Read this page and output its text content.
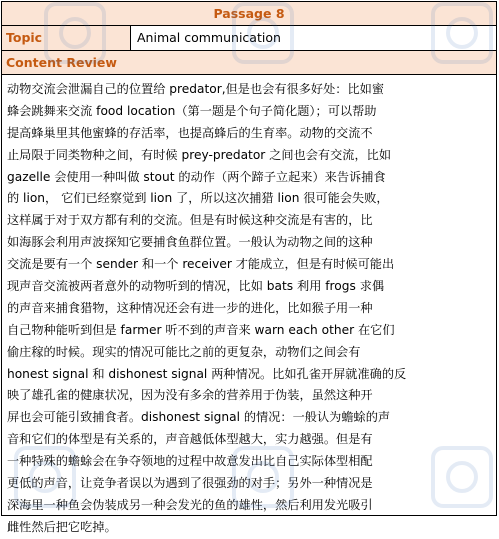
Passage 8
Topic	Animal communication
Content Review
动物交流会泄漏自己的位置给 predator,但是也会有很多好处：比如蜜
蜂会跳舞来交流 food location（第一题是个句子简化题）；可以帮助
提高蜂巢里其他蜜蜂的存活率，也提高蜂后的生育率。动物的交流不
止局限于同类物种之间，有时候 prey-predator 之间也会有交流，比如
gazelle 会使用一种叫做 stout 的动作（两个蹄子立起来）来告诉捕食
的 lion， 它们已经察觉到 lion 了，所以这次捕猎 lion 很可能会失败，
这样属于对于双方都有利的交流。但是有时候这种交流是有害的，比
如海豚会利用声波探知它要捕食鱼群位置。一般认为动物之间的这种
交流是要有一个 sender 和一个 receiver 才能成立，但是有时候可能出
现声音交流被两者意外的动物听到的情况，比如 bats 利用 frogs 求偶
的声音来捕食猎物，这种情况还会有进一步的进化，比如猴子用一种
自己物种能听到但是 farmer 听不到的声音来 warn each other 在它们
偷庄稼的时候。现实的情况可能比之前的更复杂，动物们之间会有
honest signal 和 dishonest signal 两种情况。比如孔雀开屏就准确的反
映了雄孔雀的健康状况，因为没有多余的营养用于伪装，虽然这种开
屏也会可能引致捕食者。dishonest signal 的情况：一般认为蟾蜍的声
音和它们的体型是有关系的，声音越低体型越大，实力越强。但是有
一种特殊的蟾蜍会在争夺领地的过程中故意发出比自己实际体型相配
更低的声音，让竞争者误以为遇到了很强劲的对手；另外一种情况是
深海里一种鱼会伪装成另一种会发光的鱼的雄性，然后利用发光吸引
雌性然后把它吃掉。
